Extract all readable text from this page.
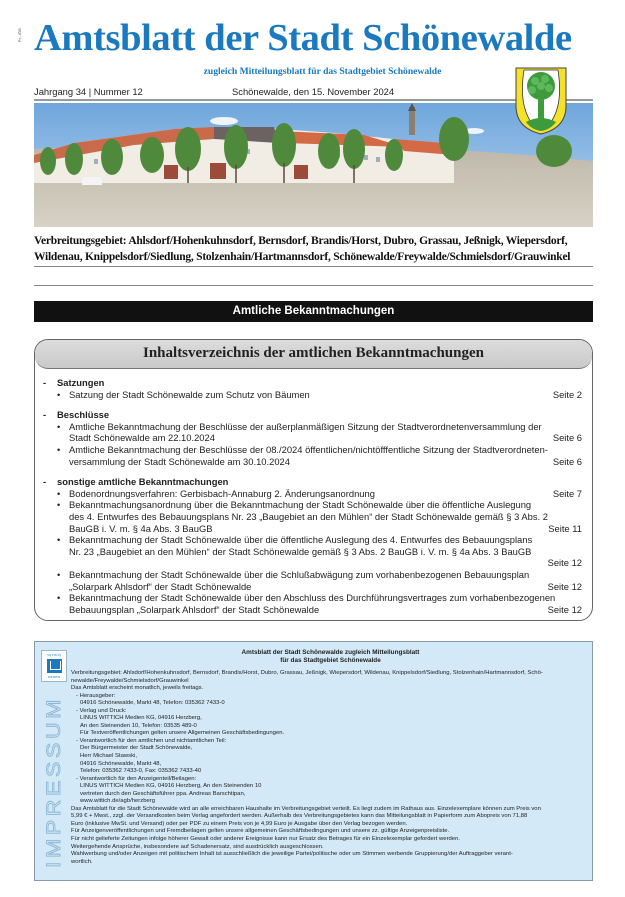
Pr.-iÖB Amtsblatt der Stadt Schönewalde
zugleich Mitteilungsblatt für das Stadtgebiet Schönewalde
Jahrgang 34 | Nummer 12	Schönewalde, den 15. November 2024
Verbreitungsgebiet: Ahlsdorf/Hohenkuhnsdorf, Bernsdorf, Brandis/Horst, Dubro, Grassau, Jeßnigk, Wiepersdorf,
Wildenau, Knippelsdorf/Siedlung, Stolzenhain/Hartmannsdorf, Schönewalde/Freywalde/Schmielsdorf/Grauwinkel
Amtliche Bekanntmachungen
Inhaltsverzeichnis der amtlichen Bekanntmachungen
-	Satzungen
• Satzung der Stadt Schönewalde zum Schutz von Bäumen	Seite 2
-	Beschlüsse
• Amtliche Bekanntmachung der Beschlüsse der außerplanmäßigen Sitzung der Stadtverordnetenversammlung der
Stadt Schönewalde am 22.10.2024	Seite 6
• Amtliche Bekanntmachung der Beschlüsse der 08./2024 öffentlichen/nichtöfffentliche Sitzung der Stadtverordneten-
versammlung der Stadt Schönewalde am 30.10.2024	Seite 6
-	sonstige amtliche Bekanntmachungen
• Bodenordnungsverfahren: Gerbisbach-Annaburg 2. Änderungsanordnung	Seite 7
• Bekanntmachungsanordnung über die Bekanntmachung der Stadt Schönewalde über die öffentliche Auslegung
des 4. Entwurfes des Bebauungsplans Nr. 23 „Baugebiet an den Mühlen“ der Stadt Schönewalde gemäß § 3 Abs. 2
BauGB i. V. m. § 4a Abs. 3 BauGB	Seite 11
• Bekanntmachung der Stadt Schönewalde über die öffentliche Auslegung des 4. Entwurfes des Bebauungsplans
Nr. 23 „Baugebiet an den Mühlen“ der Stadt Schönewalde gemäß § 3 Abs. 2 BauGB i. V. m. § 4a Abs. 3 BauGB
Seite 12
• Bekanntmachung der Stadt Schönewalde über die Schlußabwägung zum vorhabenbezogenen Bebauungsplan
„Solarpark Ahlsdorf“ der Stadt Schönewalde	Seite 12
• Bekanntmachung der Stadt Schönewalde über den Abschluss des Durchführungsvertrages zum vorhabenbezogenen
Bebauungsplan „Solarpark Ahlsdorf“ der Stadt Schönewalde	Seite 12
WITTICH
MEDIEN
IMPRESSUM
Amtsblatt der Stadt Schönewalde zugleich Mitteilungsblatt
für das Stadtgebiet Schönewalde
Verbreitungsgebiet: Ahlsdorf/Hohenkuhnsdorf, Bernsdorf, Brandis/Horst, Dubro, Grassau, Jeßnigk, Wiepersdorf, Wildenau, Knippelsdorf/Siedlung, Stolzenhain/Hartmannsdorf, Schö-
newalde/Freywalde/Schmielsdorf/Grauwinkel
Das Amtsblatt erscheint monatlich, jeweils freitags.
- Herausgeber:
04916 Schönewalde, Markt 48, Telefon: 035362 7433-0
- Verlag und Druck:
LINUS WITTICH Medien KG, 04916 Herzberg,
An den Steinenden 10, Telefon: 03535 489-0
Für Textveröffentlichungen gelten unsere Allgemeinen Geschäftsbedingungen.
- Verantwortlich für den amtlichen und nichtamtlichen Teil:
Der Bürgermeister der Stadt Schönewalde,
Herr Michael Stawski,
04916 Schönewalde, Markt 48,
Telefon: 035362 7433-0, Fax: 035362 7433-40
- Verantwortlich für den Anzeigenteil/Beilagen:
LINUS WITTICH Medien KG, 04916 Herzberg, An den Steinenden 10
vertreten durch den Geschäftsführer ppa. Andreas Barschtipan,
www.wittich.de/agb/herzberg
Das Amtsblatt für die Stadt Schönewalde wird an alle erreichbaren Haushalte im Verbreitungsgebiet verteilt. Es liegt zudem im Rathaus aus. Einzelexemplare können zum Preis von
5,99 € + Mwst., zzgl. der Versandkosten beim Verlag angefordert werden. Außerhalb des Verbreitungsgebietes kann das Mitteilungsblatt in Papierform zum Abopreis von 71,88
Euro (inklusive MwSt. und Versand) oder per PDF zu einem Preis von je 4,99 Euro je Ausgabe über den Verlag bezogen werden.
Für Anzeigenveröffentlichungen und Fremdbeilagen gelten unsere allgemeinen Geschäftsbedingungen und unsere zz. gültige Anzeigenpreisliste.
Für nicht gelieferte Zeitungen infolge höherer Gewalt oder anderer Ereignisse kann nur Ersatz des Betrages für ein Einzelexemplar gefordert werden.
Weitergehende Ansprüche, insbesondere auf Schadenersatz, sind ausdrücklich ausgeschlossen.
Wahlwerbung und/oder Anzeigen mit politischem Inhalt ist ausschließlich die jeweilige Partei/politische oder um Stimmen werbende Gruppierung/der Auftraggeber verant-
wortlich.
